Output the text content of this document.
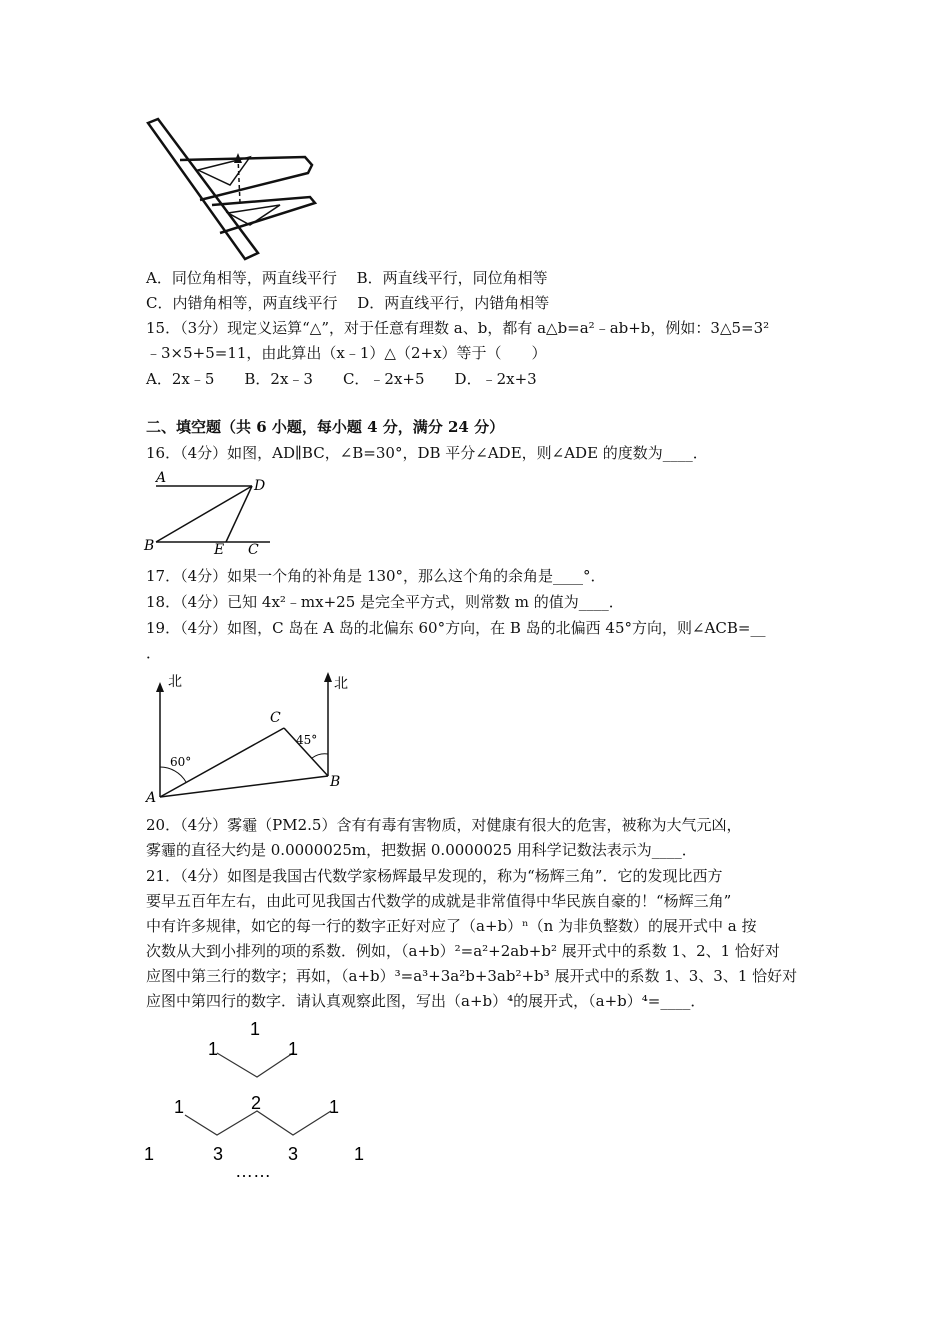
A．同位角相等，两直线平行　 B．两直线平行，同位角相等
C．内错角相等，两直线平行　 D．两直线平行，内错角相等
15．（3分）现定义运算“△”，对于任意有理数 a、b，都有 a△b=a²﹣ab+b，例如：3△5=3²
﹣3×5+5=11，由此算出（x﹣1）△（2+x）等于（　　）
A．2x﹣5　　B．2x﹣3　　C．﹣2x+5　　D．﹣2x+3
二、填空题（共 6 小题，每小题 4 分，满分 24 分）
16．（4分）如图，AD∥BC，∠B=30°，DB 平分∠ADE，则∠ADE 的度数为____．
A	D
B	E C
17．（4分）如果一个角的补角是 130°，那么这个角的余角是____°．
18．（4分）已知 4x²﹣mx+25 是完全平方式，则常数 m 的值为____．
19．（4分）如图，C 岛在 A 岛的北偏东 60°方向，在 B 岛的北偏西 45°方向，则∠ACB=__
．
北	北
C
A
B
60°
45°
20．（4分）雾霾（PM2.5）含有有毒有害物质，对健康有很大的危害，被称为大气元凶，
雾霾的直径大约是 0.0000025m，把数据 0.0000025 用科学记数法表示为____．
21．（4分）如图是我国古代数学家杨辉最早发现的，称为“杨辉三角”．它的发现比西方
要早五百年左右，由此可见我国古代数学的成就是非常值得中华民族自豪的！“杨辉三角”
中有许多规律，如它的每一行的数字正好对应了（a+b）ⁿ（n 为非负整数）的展开式中 a 按
次数从大到小排列的项的系数．例如，（a+b）²=a²+2ab+b² 展开式中的系数 1、2、1 恰好对
应图中第三行的数字；再如，（a+b）³=a³+3a²b+3ab²+b³ 展开式中的系数 1、3、3、1 恰好对
应图中第四行的数字．请认真观察此图，写出（a+b）⁴的展开式，（a+b）⁴=____．
1
1	1
1	2	1
1	3	3	1
……
